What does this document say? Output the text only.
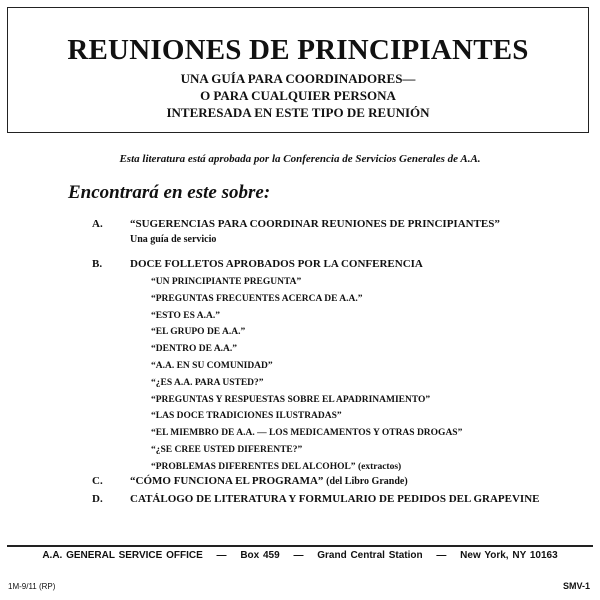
REUNIONES DE PRINCIPIANTES
UNA GUÍA PARA COORDINADORES—
O PARA CUALQUIER PERSONA
INTERESADA EN ESTE TIPO DE REUNIÓN
Esta literatura está aprobada por la Conferencia de Servicios Generales de A.A.
Encontrará en este sobre:
A. “SUGERENCIAS PARA COORDINAR REUNIONES DE PRINCIPIANTES”
Una guía de servicio
B.	DOCE FOLLETOS APROBADOS POR LA CONFERENCIA
“UN PRINCIPIANTE PREGUNTA”
“PREGUNTAS FRECUENTES ACERCA DE A.A.”
“ESTO ES A.A.”
“EL GRUPO DE A.A.”
“DENTRO DE A.A.”
“A.A. EN SU COMUNIDAD”
“¿ES A.A. PARA USTED?”
“PREGUNTAS Y RESPUESTAS SOBRE EL APADRINAMIENTO”
“LAS DOCE TRADICIONES ILUSTRADAS”
“EL MIEMBRO DE A.A. — LOS MEDICAMENTOS Y OTRAS DROGAS”
“¿SE CREE USTED DIFERENTE?”
“PROBLEMAS DIFERENTES DEL ALCOHOL” (extractos)
C. “CÓMO FUNCIONA EL PROGRAMA” (del Libro Grande)
D. CATÁLOGO DE LITERATURA Y FORMULARIO DE PEDIDOS DEL GRAPEVINE
A.A. GENERAL SERVICE OFFICE — Box 459 — Grand Central Station — New York, NY 10163
1M-9/11 (RP)	SMV-1
